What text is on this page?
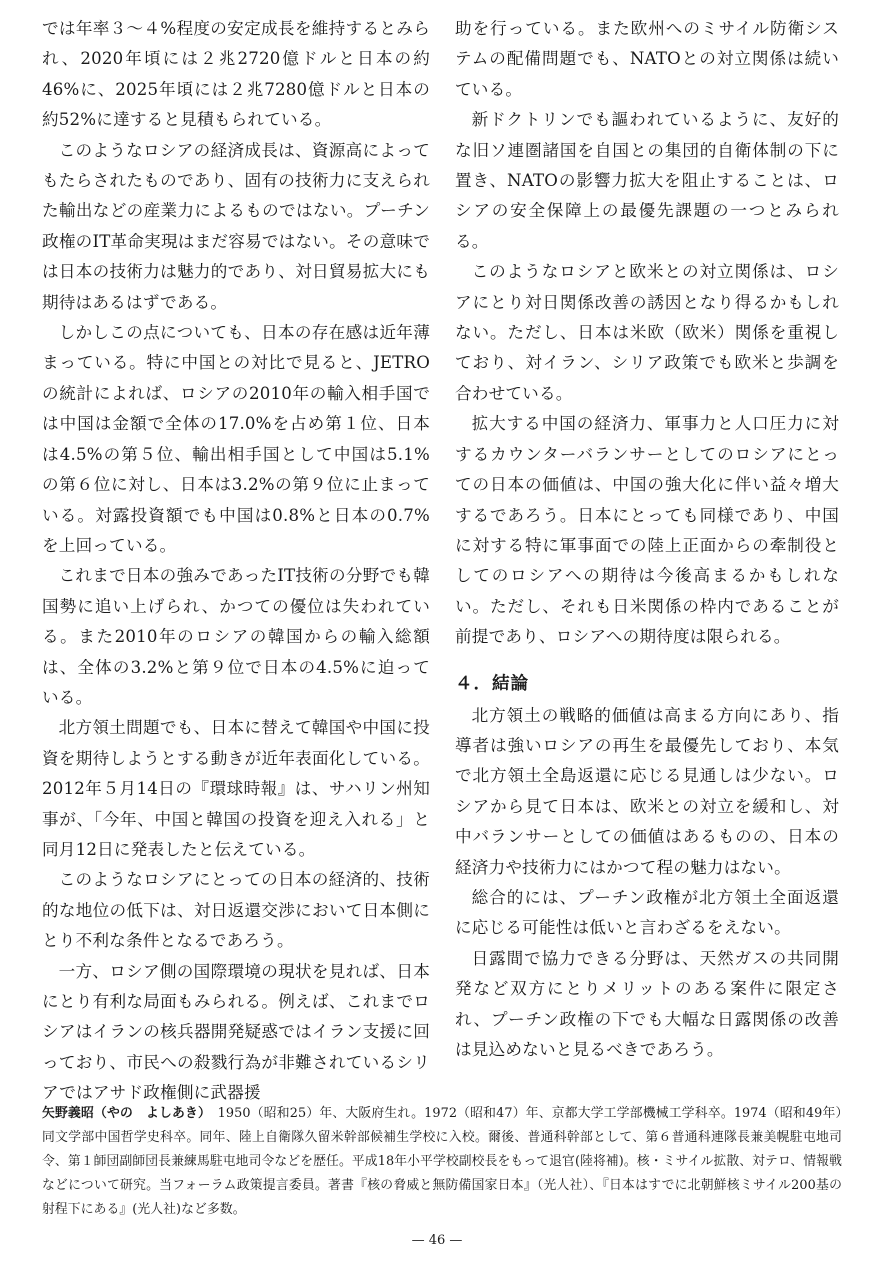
では年率３～４%程度の安定成長を維持するとみられ、2020年頃には２兆2720億ドルと日本の約46%に、2025年頃には２兆7280億ドルと日本の約52%に達すると見積もられている。

このようなロシアの経済成長は、資源高によってもたらされたものであり、固有の技術力に支えられた輸出などの産業力によるものではない。プーチン政権のIT革命実現はまだ容易ではない。その意味では日本の技術力は魅力的であり、対日貿易拡大にも期待はあるはずである。

しかしこの点についても、日本の存在感は近年薄まっている。特に中国との対比で見ると、JETROの統計によれば、ロシアの2010年の輸入相手国では中国は金額で全体の17.0%を占め第１位、日本は4.5%の第５位、輸出相手国として中国は5.1%の第６位に対し、日本は3.2%の第９位に止まっている。対露投資額でも中国は0.8%と日本の0.7%を上回っている。

これまで日本の強みであったIT技術の分野でも韓国勢に追い上げられ、かつての優位は失われている。また2010年のロシアの韓国からの輸入総額は、全体の3.2%と第９位で日本の4.5%に迫っている。

北方領土問題でも、日本に替えて韓国や中国に投資を期待しようとする動きが近年表面化している。2012年５月14日の『環球時報』は、サハリン州知事が、「今年、中国と韓国の投資を迎え入れる」と同月12日に発表したと伝えている。

このようなロシアにとっての日本の経済的、技術的な地位の低下は、対日返還交渉において日本側にとり不利な条件となるであろう。

一方、ロシア側の国際環境の現状を見れば、日本にとり有利な局面もみられる。例えば、これまでロシアはイランの核兵器開発疑惑ではイラン支援に回っており、市民への殺戮行為が非難されているシリアではアサド政権側に武器援

助を行っている。また欧州へのミサイル防衛システムの配備問題でも、NATOとの対立関係は続いている。

新ドクトリンでも謳われているように、友好的な旧ソ連圏諸国を自国との集団的自衛体制の下に置き、NATOの影響力拡大を阻止することは、ロシアの安全保障上の最優先課題の一つとみられる。

このようなロシアと欧米との対立関係は、ロシアにとり対日関係改善の誘因となり得るかもしれない。ただし、日本は米欧（欧米）関係を重視しており、対イラン、シリア政策でも欧米と歩調を合わせている。

拡大する中国の経済力、軍事力と人口圧力に対するカウンターバランサーとしてのロシアにとっての日本の価値は、中国の強大化に伴い益々増大するであろう。日本にとっても同様であり、中国に対する特に軍事面での陸上正面からの牽制役としてのロシアへの期待は今後高まるかもしれない。ただし、それも日米関係の枠内であることが前提であり、ロシアへの期待度は限られる。

４．結論

北方領土の戦略的価値は高まる方向にあり、指導者は強いロシアの再生を最優先しており、本気で北方領土全島返還に応じる見通しは少ない。ロシアから見て日本は、欧米との対立を緩和し、対中バランサーとしての価値はあるものの、日本の経済力や技術力にはかつて程の魅力はない。

総合的には、プーチン政権が北方領土全面返還に応じる可能性は低いと言わざるをえない。

日露間で協力できる分野は、天然ガスの共同開発など双方にとりメリットのある案件に限定され、プーチン政権の下でも大幅な日露関係の改善は見込めないと見るべきであろう。

矢野義昭（やの　よしあき）　1950（昭和25）年、大阪府生れ。1972（昭和47）年、京都大学工学部機械工学科卒。1974（昭和49年）同文学部中国哲学史科卒。同年、陸上自衛隊久留米幹部候補生学校に入校。爾後、普通科幹部として、第６普通科連隊長兼美幌駐屯地司令、第１師団副師団長兼練馬駐屯地司令などを歴任。平成18年小平学校副校長をもって退官(陸将補)。核・ミサイル拡散、対テロ、情報戦などについて研究。当フォーラム政策提言委員。著書『核の脅威と無防備国家日本』（光人社）、『日本はすでに北朝鮮核ミサイル200基の射程下にある』(光人社)など多数。
— 46 —
